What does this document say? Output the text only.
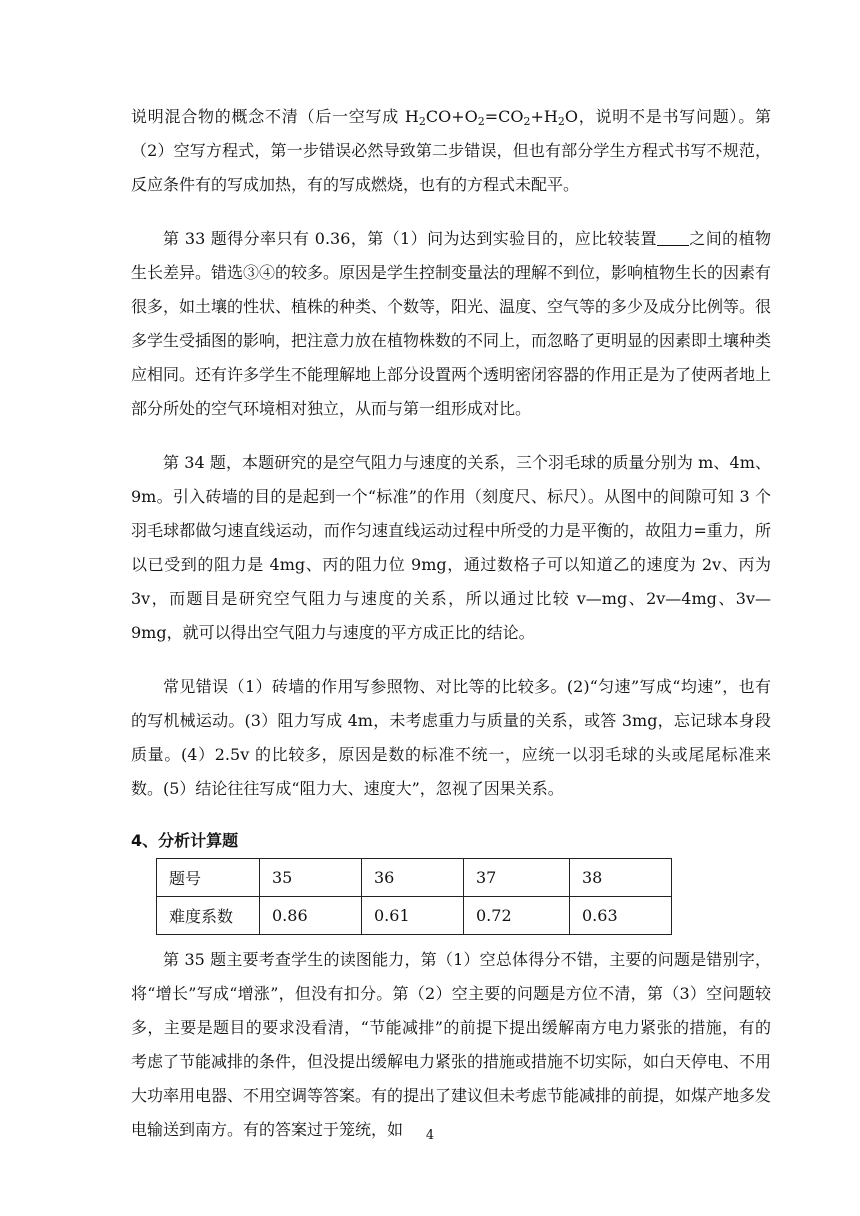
说明混合物的概念不清（后一空写成 $H_2CO+O_2=CO_2+H_2O$，说明不是书写问题）。第（2）空写方程式，第一步错误必然导致第二步错误，但也有部分学生方程式书写不规范，反应条件有的写成加热，有的写成燃烧，也有的方程式未配平。

第 33 题得分率只有 0.36，第（1）问为达到实验目的，应比较装置 之间的植物生长差异。错选③④的较多。原因是学生控制变量法的理解不到位，影响植物生长的因素有很多，如土壤的性状、植株的种类、个数等，阳光、温度、空气等的多少及成分比例等。很多学生受插图的影响，把注意力放在植物株数的不同上，而忽略了更明显的因素即土壤种类应相同。还有许多学生不能理解地上部分设置两个透明密闭容器的作用正是为了使两者地上部分所处的空气环境相对独立，从而与第一组形成对比。

第 34 题，本题研究的是空气阻力与速度的关系，三个羽毛球的质量分别为 m、4m、9m。引入砖墙的目的是起到一个“标准”的作用（刻度尺、标尺）。从图中的间隙可知 3 个羽毛球都做匀速直线运动，而作匀速直线运动过程中所受的力是平衡的，故阻力=重力，所以已受到的阻力是 4mg、丙的阻力位 9mg，通过数格子可以知道乙的速度为 2v、丙为 3v，而题目是研究空气阻力与速度的关系，所以通过比较 v—mg、2v—4mg、3v—9mg，就可以得出空气阻力与速度的平方成正比的结论。

常见错误（1）砖墙的作用写参照物、对比等的比较多。(2)“匀速”写成“均速”，也有的写机械运动。(3）阻力写成 4m，未考虑重力与质量的关系，或答 3mg，忘记球本身段质量。(4）2.5v 的比较多，原因是数的标准不统一，应统一以羽毛球的头或尾尾标准来数。(5）结论往往写成“阻力大、速度大”，忽视了因果关系。

4、分析计算题
题号	35	36	37	38
难度系数	0.86	0.61	0.72	0.63

第 35 题主要考查学生的读图能力，第（1）空总体得分不错，主要的问题是错别字，将“增长”写成“增涨”，但没有扣分。第（2）空主要的问题是方位不清，第（3）空问题较多，主要是题目的要求没看清，“节能减排”的前提下提出缓解南方电力紧张的措施，有的考虑了节能减排的条件，但没提出缓解电力紧张的措施或措施不切实际，如白天停电、不用大功率用电器、不用空调等答案。有的提出了建议但未考虑节能减排的前提，如煤产地多发电输送到南方。有的答案过于笼统，如	4
